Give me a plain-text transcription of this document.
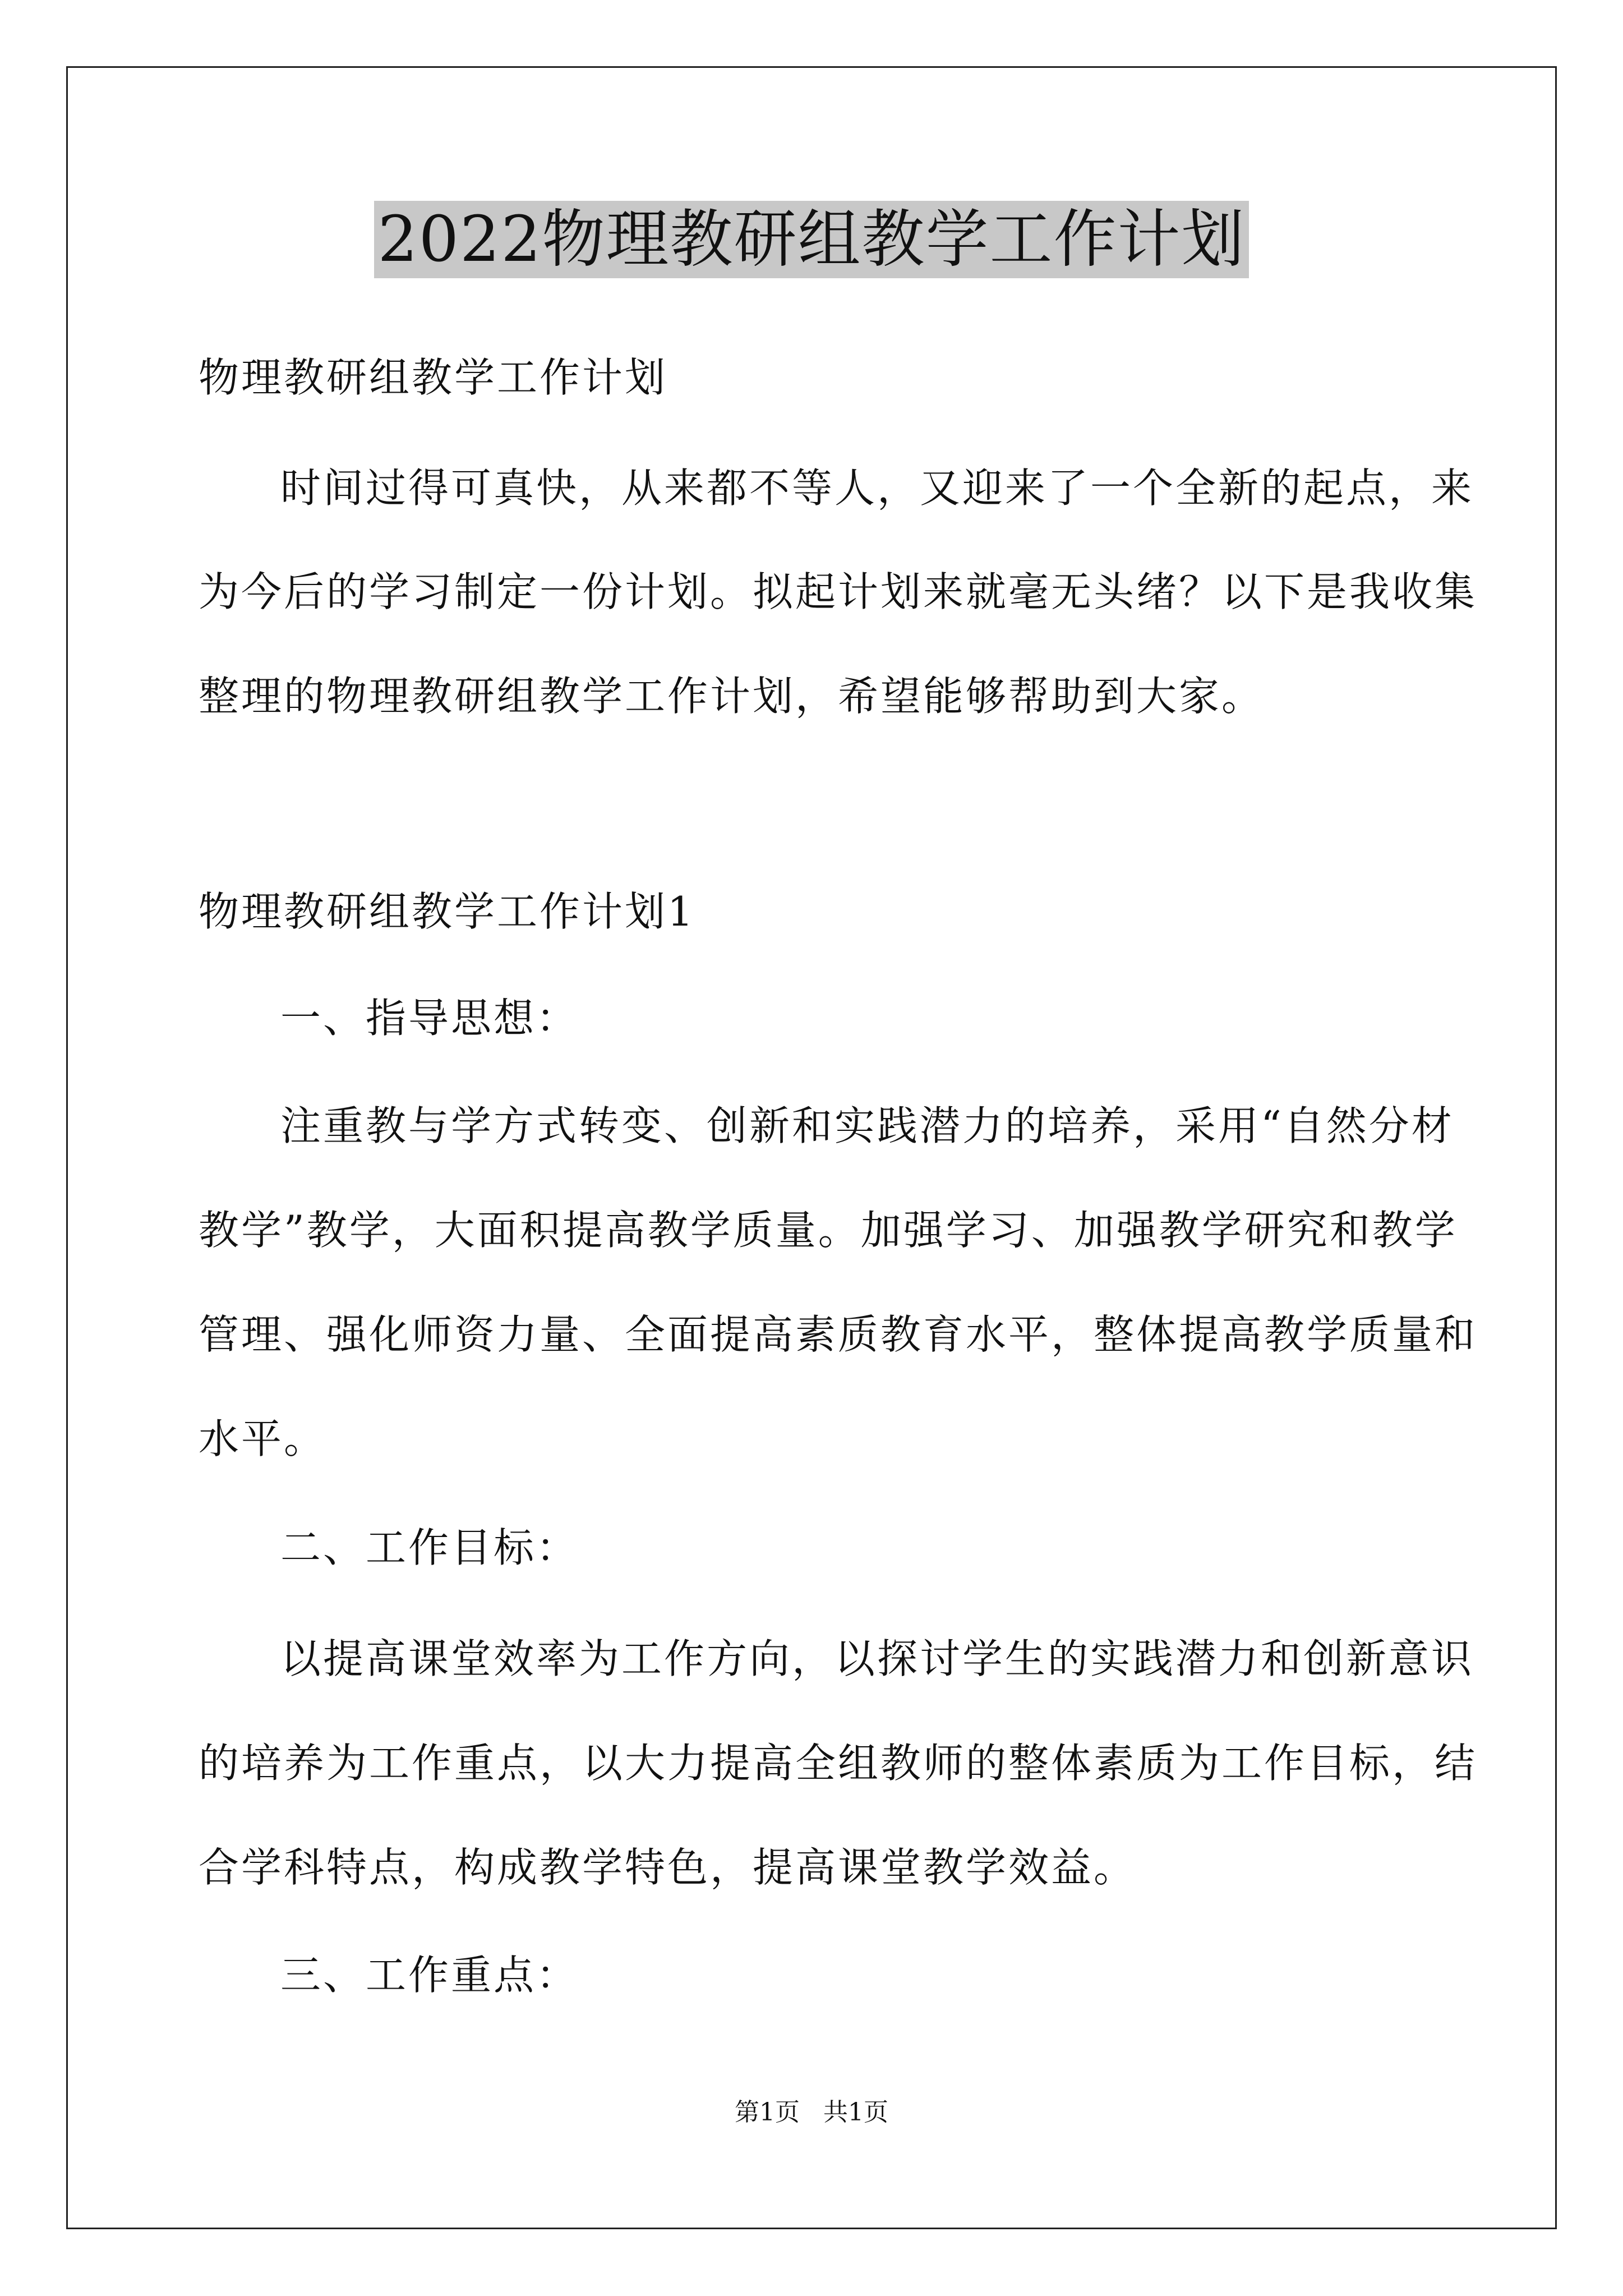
2022物理教研组教学工作计划
物理教研组教学工作计划
时间过得可真快，从来都不等人，又迎来了一个全新的起点，来
为今后的学习制定一份计划。拟起计划来就毫无头绪？以下是我收集
整理的物理教研组教学工作计划，希望能够帮助到大家。
物理教研组教学工作计划1
一、指导思想：
注重教与学方式转变、创新和实践潜力的培养，采用“自然分材
教学”教学，大面积提高教学质量。加强学习、加强教学研究和教学
管理、强化师资力量、全面提高素质教育水平，整体提高教学质量和
水平。
二、工作目标：
以提高课堂效率为工作方向，以探讨学生的实践潜力和创新意识
的培养为工作重点，以大力提高全组教师的整体素质为工作目标，结
合学科特点，构成教学特色，提高课堂教学效益。
三、工作重点：
第1页   共1页
